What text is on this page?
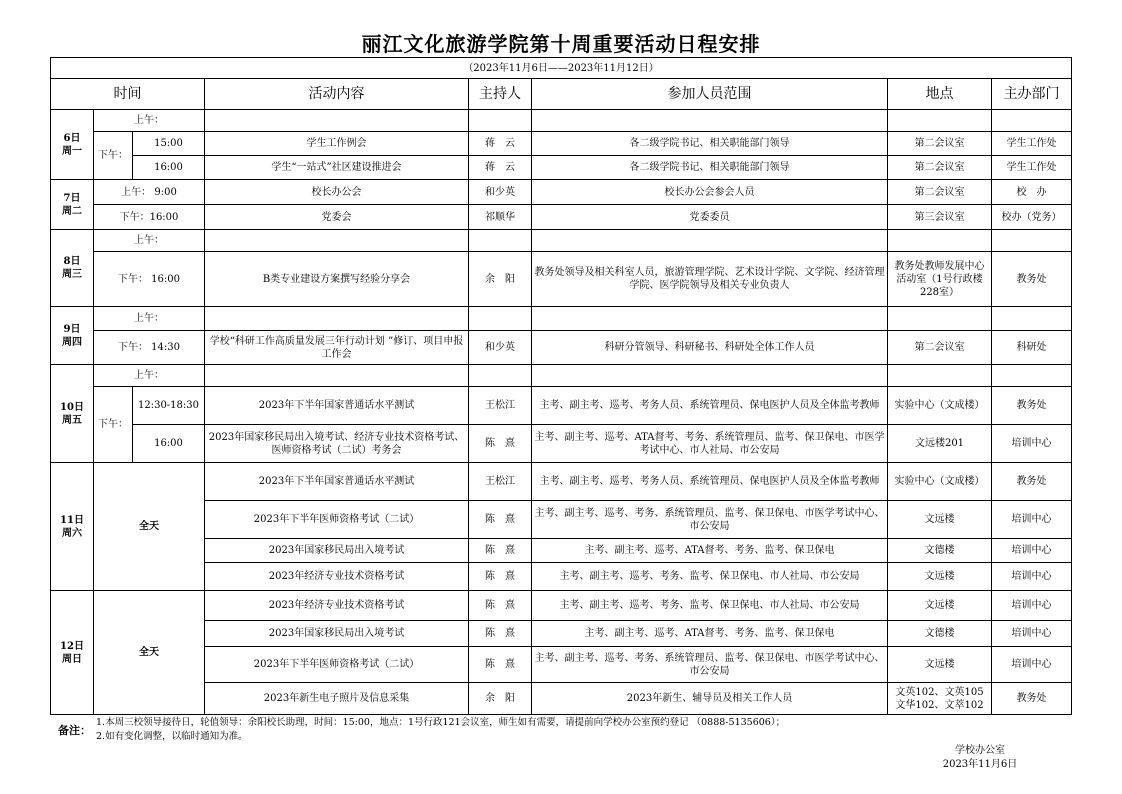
丽江文化旅游学院第十周重要活动日程安排
（2023年11月6日——2023年11月12日）							
时间			活动内容	主持人	参加人员范围	地点	主办部门

6日
周一	上午：						
	下午：	15:00	学生工作例会	蒋　云	各二级学院书记、相关职能部门领导	第二会议室	学生工作处
		16:00	学生“一站式”社区建设推进会	蒋　云	各二级学院书记、相关职能部门领导	第二会议室	学生工作处

7日
周二	上午： 9:00		校长办公会	和少英	校长办公会参会人员	第二会议室	校　办
	下午：16:00		党委会	祁顺华	党委委员	第三会议室	校办（党务）

8日
周三	上午：						
	下午： 16:00		B类专业建设方案撰写经验分享会	余　阳	教务处领导及相关科室人员，旅游管理学院、艺术设计学院、文学院、经济管理学院、医学院领导及相关专业负责人	教务处教师发展中心活动室（1号行政楼228室）	教务处

9日
周四	上午：						
	下午： 14:30		学校“科研工作高质量发展三年行动计划 ”修订、项目申报工作会	和少英	科研分管领导、科研秘书、科研处全体工作人员	第二会议室	科研处

10日
周五	上午：						
	下午：	12:30-18:30	2023年下半年国家普通话水平测试	王松江	主考、副主考、巡考、考务人员、系统管理员、保电医护人员及全体监考教师	实验中心（文成楼）	教务处
		16:00	2023年国家移民局出入境考试、经济专业技术资格考试、医师资格考试（二试）考务会	陈　熹	主考、副主考、巡考、ATA督考、考务、系统管理员、监考、保卫保电、市医学考试中心、市人社局、市公安局	文远楼201	培训中心

11日
周六	全天		2023年下半年国家普通话水平测试	王松江	主考、副主考、巡考、考务人员、系统管理员、保电医护人员及全体监考教师	实验中心（文成楼）	教务处
			2023年下半年医师资格考试（二试）	陈　熹	主考、副主考、巡考、考务、系统管理员、监考、保卫保电、市医学考试中心、市公安局	文远楼	培训中心
			2023年国家移民局出入境考试	陈　熹	主考、副主考、巡考、ATA督考、考务、监考、保卫保电	文德楼	培训中心
			2023年经济专业技术资格考试	陈　熹	主考、副主考、巡考、考务、监考、保卫保电、市人社局、市公安局	文远楼	培训中心

12日
周日	全天		2023年经济专业技术资格考试	陈　熹	主考、副主考、巡考、考务、监考、保卫保电、市人社局、市公安局	文远楼	培训中心
			2023年国家移民局出入境考试	陈　熹	主考、副主考、巡考、ATA督考、考务、监考、保卫保电	文德楼	培训中心
			2023年下半年医师资格考试（二试）	陈　熹	主考、副主考、巡考、考务、系统管理员、监考、保卫保电、市医学考试中心、市公安局	文远楼	培训中心
			2023年新生电子照片及信息采集	余　阳	2023年新生、辅导员及相关工作人员	文英102、文英105 文华102、文萃102	教务处
备注：
1.本周三校领导接待日，轮值领导：余阳校长助理，时间：15:00，地点：1号行政121会议室，师生如有需要，请提前向学校办公室预约登记 （0888-5135606）；
2.如有变化调整，以临时通知为准。
学校办公室
2023年11月6日
